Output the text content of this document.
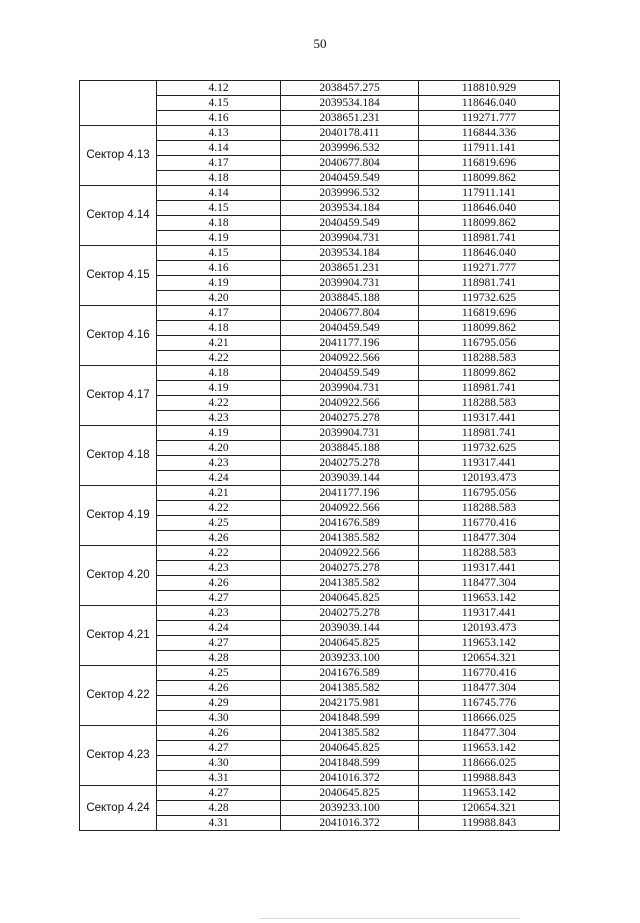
50
	4.12	2038457.275	118810.929
	4.15	2039534.184	118646.040
	4.16	2038651.231	119271.777
Сектор 4.13	4.13	2040178.411	116844.336
	4.14	2039996.532	117911.141
	4.17	2040677.804	116819.696
	4.18	2040459.549	118099.862
Сектор 4.14	4.14	2039996.532	117911.141
	4.15	2039534.184	118646.040
	4.18	2040459.549	118099.862
	4.19	2039904.731	118981.741
Сектор 4.15	4.15	2039534.184	118646.040
	4.16	2038651.231	119271.777
	4.19	2039904.731	118981.741
	4.20	2038845.188	119732.625
Сектор 4.16	4.17	2040677.804	116819.696
	4.18	2040459.549	118099.862
	4.21	2041177.196	116795.056
	4.22	2040922.566	118288.583
Сектор 4.17	4.18	2040459.549	118099.862
	4.19	2039904.731	118981.741
	4.22	2040922.566	118288.583
	4.23	2040275.278	119317.441
Сектор 4.18	4.19	2039904.731	118981.741
	4.20	2038845.188	119732.625
	4.23	2040275.278	119317.441
	4.24	2039039.144	120193.473
Сектор 4.19	4.21	2041177.196	116795.056
	4.22	2040922.566	118288.583
	4.25	2041676.589	116770.416
	4.26	2041385.582	118477.304
Сектор 4.20	4.22	2040922.566	118288.583
	4.23	2040275.278	119317.441
	4.26	2041385.582	118477.304
	4.27	2040645.825	119653.142
Сектор 4.21	4.23	2040275.278	119317.441
	4.24	2039039.144	120193.473
	4.27	2040645.825	119653.142
	4.28	2039233.100	120654.321
Сектор 4.22	4.25	2041676.589	116770.416
	4.26	2041385.582	118477.304
	4.29	2042175.981	116745.776
	4.30	2041848.599	118666.025
Сектор 4.23	4.26	2041385.582	118477.304
	4.27	2040645.825	119653.142
	4.30	2041848.599	118666.025
	4.31	2041016.372	119988.843
Сектор 4.24	4.27	2040645.825	119653.142
	4.28	2039233.100	120654.321
	4.31	2041016.372	119988.843
